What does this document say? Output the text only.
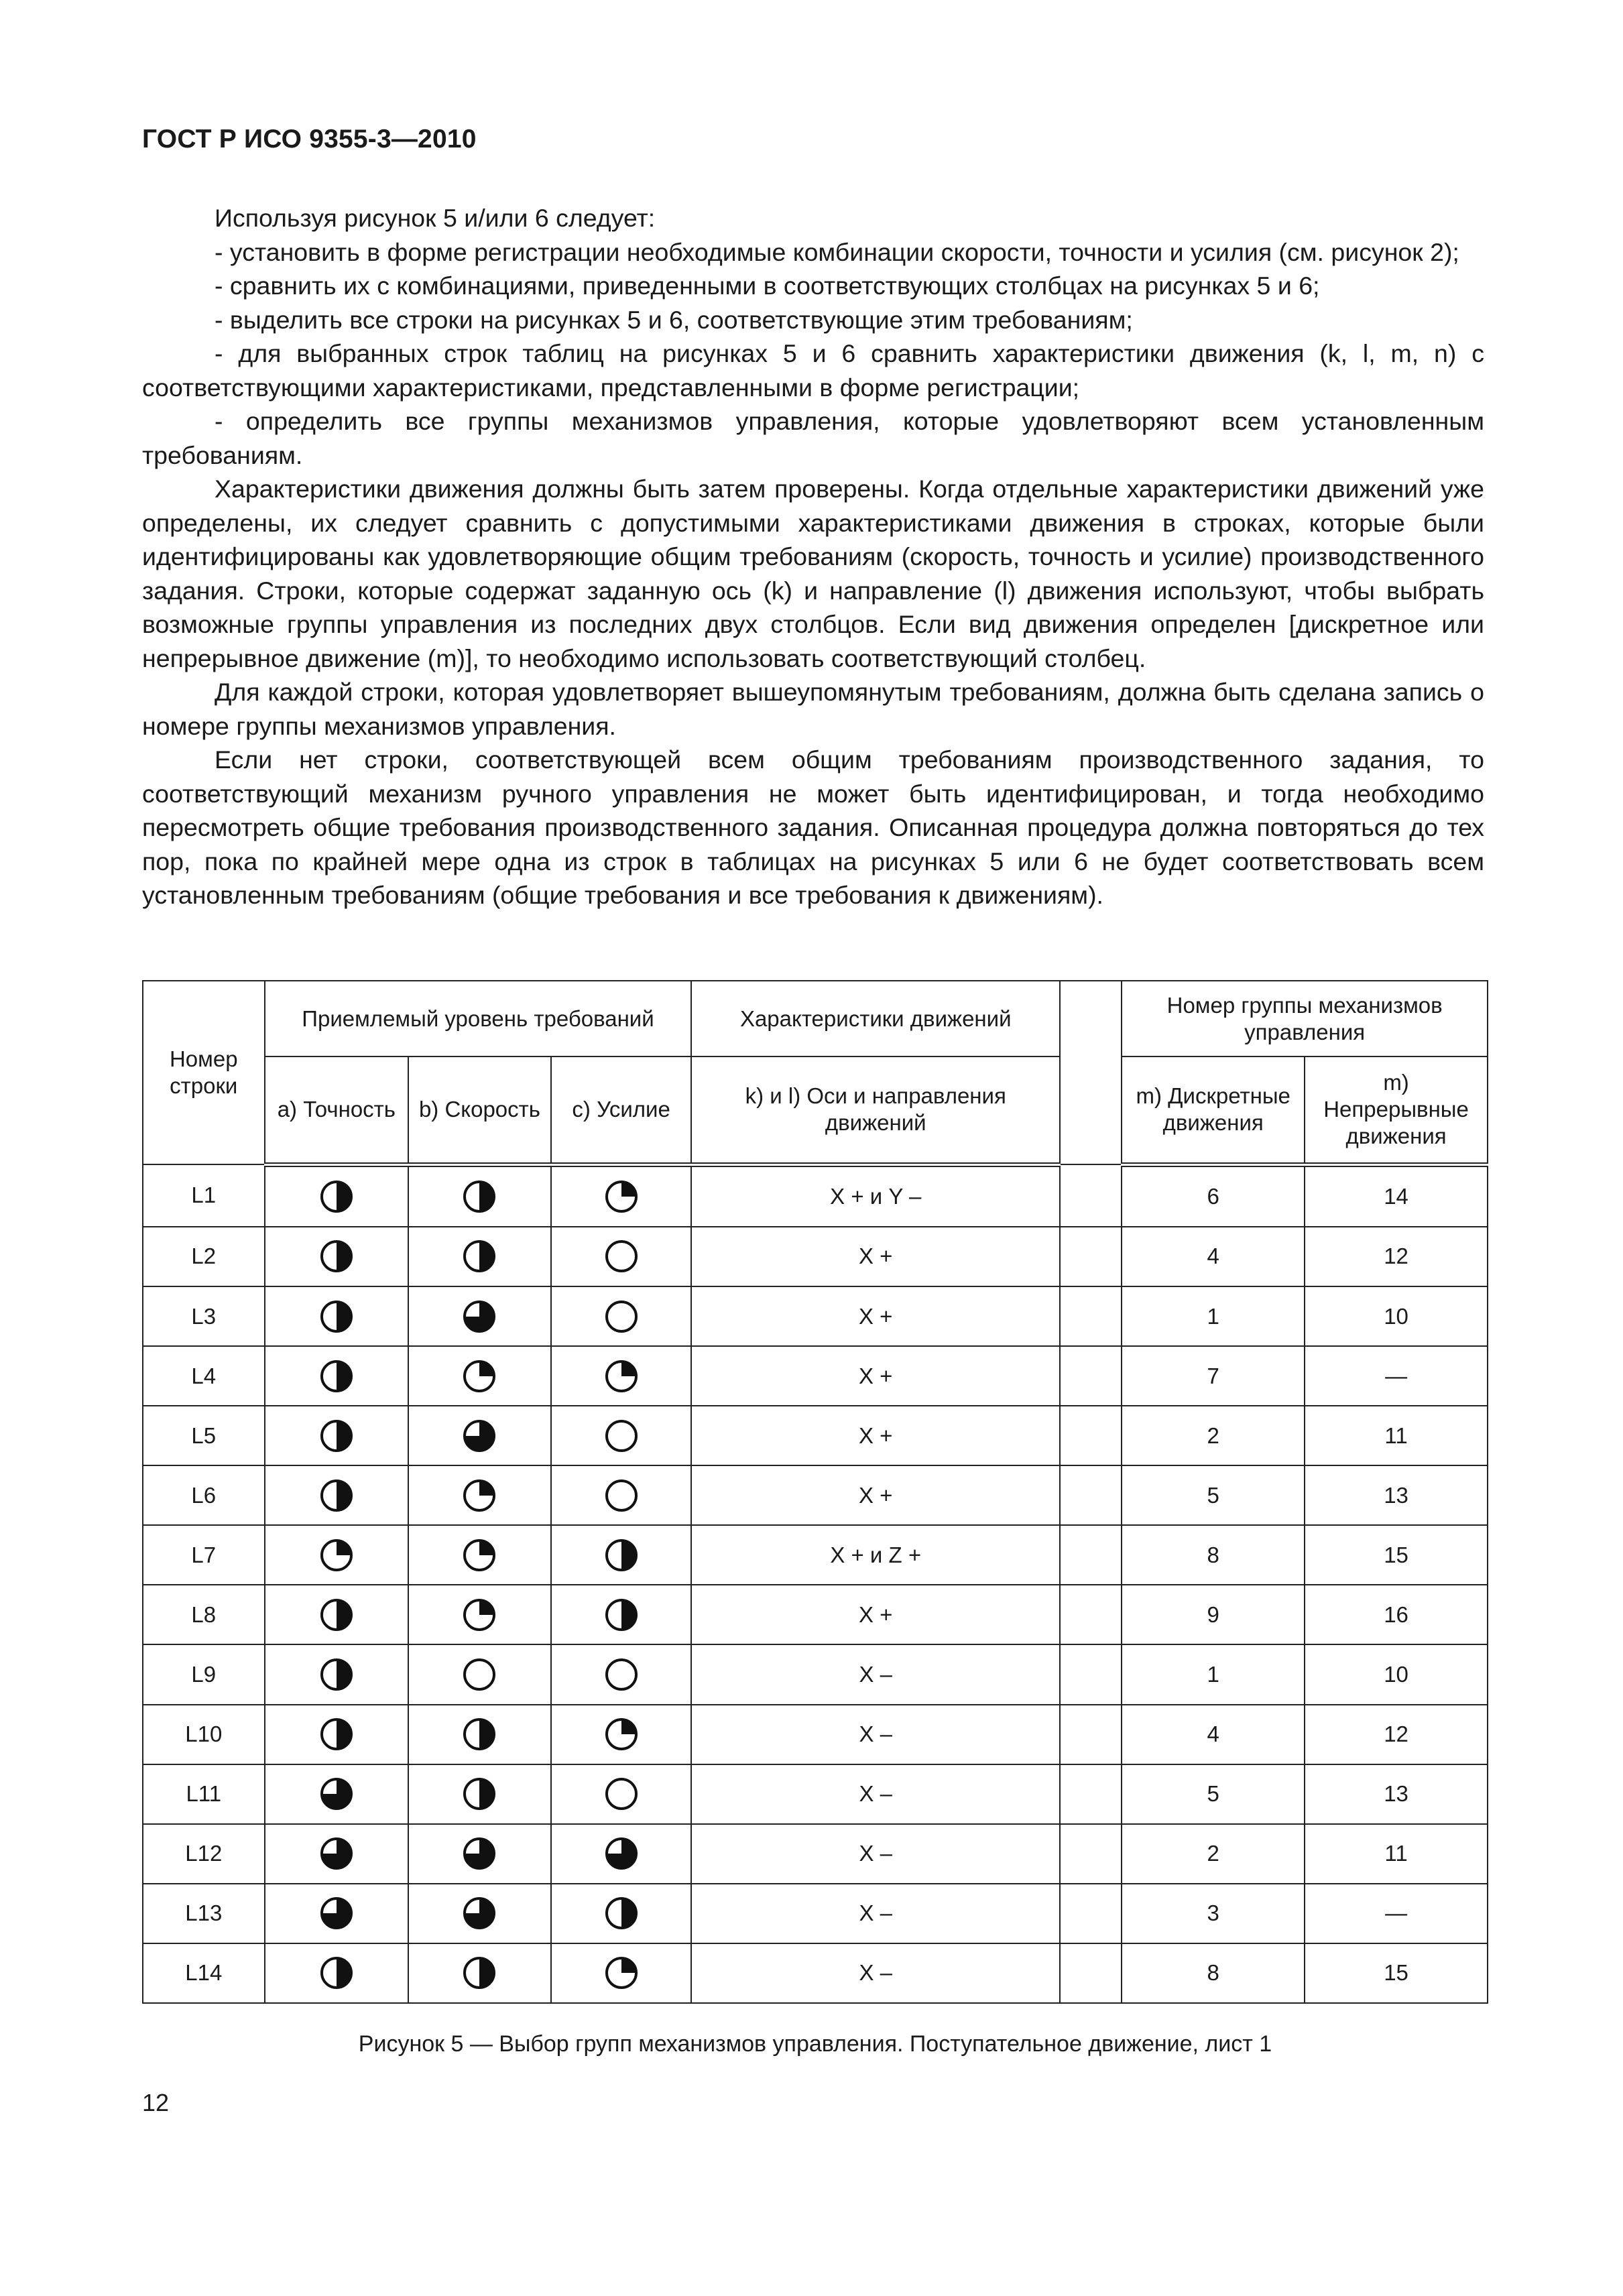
ГОСТ Р ИСО 9355-3—2010

Используя рисунок 5 и/или 6 следует:

- установить в форме регистрации необходимые комбинации скорости, точности и усилия (см. рисунок 2);

- сравнить их с комбинациями, приведенными в соответствующих столбцах на рисунках 5 и 6;

- выделить все строки на рисунках 5 и 6, соответствующие этим требованиям;

- для выбранных строк таблиц на рисунках 5 и 6 сравнить характеристики движения (k, l, m, n) с соответствующими характеристиками, представленными в форме регистрации;

- определить все группы механизмов управления, которые удовлетворяют всем установленным требованиям.

Характеристики движения должны быть затем проверены. Когда отдельные характеристики движений уже определены, их следует сравнить с допустимыми характеристиками движения в строках, которые были идентифицированы как удовлетворяющие общим требованиям (скорость, точность и усилие) производственного задания. Строки, которые содержат заданную ось (k) и направление (l) движения используют, чтобы выбрать возможные группы управления из последних двух столбцов. Если вид движения определен [дискретное или непрерывное движение (m)], то необходимо использовать соответствующий столбец.

Для каждой строки, которая удовлетворяет вышеупомянутым требованиям, должна быть сделана запись о номере группы механизмов управления.

Если нет строки, соответствующей всем общим требованиям производственного задания, то соответствующий механизм ручного управления не может быть идентифицирован, и тогда необходимо пересмотреть общие требования производственного задания. Описанная процедура должна повторяться до тех пор, пока по крайней мере одна из строк в таблицах на рисунках 5 или 6 не будет соответствовать всем установленным требованиям (общие требования и все требования к движениям).

Номер строки	Приемлемый уровень требований			Характеристики движений		Номер группы механизмов управления	
	a) Точность	b) Скорость	c) Усилие	k) и l) Оси и направления движений		m) Дискретные движения	m) Непрерывные движения
L1				X + и Y –		6	14
L2				X +		4	12
L3				X +		1	10
L4				X +		7	—
L5				X +		2	11
L6				X +		5	13
L7				X + и Z +		8	15
L8				X +		9	16
L9				X –		1	10
L10				X –		4	12
L11				X –		5	13
L12				X –		2	11
L13				X –		3	—
L14				X –		8	15
Рисунок 5 — Выбор групп механизмов управления. Поступательное движение, лист 1
12
